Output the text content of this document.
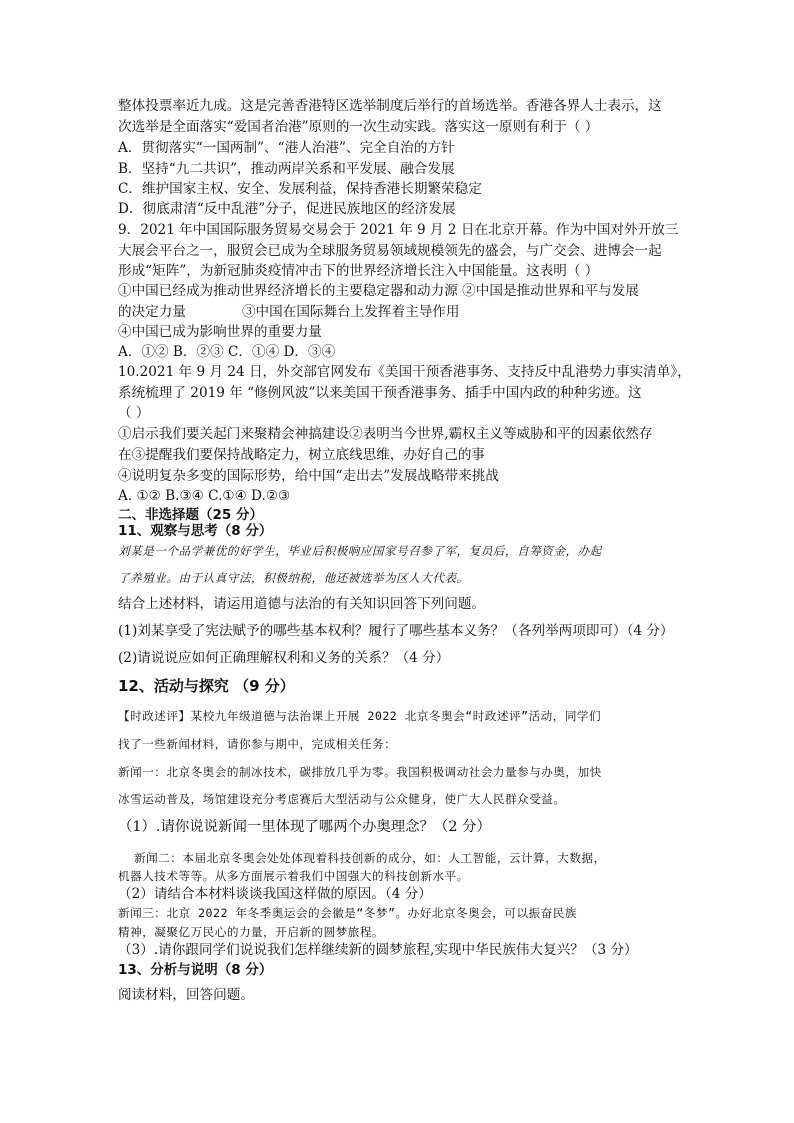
整体投票率近九成。这是完善香港特区选举制度后举行的首场选举。香港各界人士表示，这
次选举是全面落实“爱国者治港”原则的一次生动实践。落实这一原则有利于（ ）
A．贯彻落实“一国两制”、“港人治港”、完全自治的方针
B．坚持“九二共识”，推动两岸关系和平发展、融合发展
C．维护国家主权、安全、发展利益，保持香港长期繁荣稳定
D．彻底肃清“反中乱港”分子，促进民族地区的经济发展
9．2021 年中国国际服务贸易交易会于 2021 年 9 月 2 日在北京开幕。作为中国对外开放三
大展会平台之一，服贸会已成为全球服务贸易领域规模领先的盛会，与广交会、进博会一起
形成“矩阵”，为新冠肺炎疫情冲击下的世界经济增长注入中国能量。这表明（ ）
①中国已经成为推动世界经济增长的主要稳定器和动力源 ②中国是推动世界和平与发展
的决定力量	③中国在国际舞台上发挥着主导作用
④中国已成为影响世界的重要力量
A．①② B．②③ C．①④ D．③④
10.2021 年 9 月 24 日，外交部官网发布《美国干预香港事务、支持反中乱港势力事实清单》，
系统梳理了 2019 年 “修例风波”以来美国干预香港事务、插手中国内政的种种劣迹。这
（ ）
①启示我们要关起门来聚精会神搞建设②表明当今世界,霸权主义等威胁和平的因素依然存
在③提醒我们要保持战略定力，树立底线思维，办好自己的事
④说明复杂多变的国际形势，给中国“走出去”发展战略带来挑战
A. ①② B.③④ C.①④ D.②③
二、非选择题（25 分）
11、观察与思考（8 分）
刘某是一个品学兼优的好学生，毕业后积极响应国家号召参了军，复员后，自筹资金，办起
了养殖业。由于认真守法，积极纳税，他还被选举为区人大代表。
结合上述材料，请运用道德与法治的有关知识回答下列问题。
(1)刘某享受了宪法赋予的哪些基本权利？履行了哪些基本义务？（各列举两项即可）（4 分）
(2)请说说应如何正确理解权利和义务的关系？（4 分）
12、活动与探究 （9 分）
【时政述评】某校九年级道德与法治课上开展 2022 北京冬奥会“时政述评”活动，同学们
找了一些新闻材料，请你参与期中，完成相关任务：
新闻一：北京冬奥会的制冰技术，碳排放几乎为零。我国积极调动社会力量参与办奥，加快
冰雪运动普及，场馆建设充分考虑赛后大型活动与公众健身，使广大人民群众受益。
（1）.请你说说新闻一里体现了哪两个办奥理念？（2 分）
新闻二：本届北京冬奥会处处体现着科技创新的成分，如：人工智能，云计算，大数据，
机器人技术等等。从多方面展示着我们中国强大的科技创新水平。
（2）请结合本材料谈谈我国这样做的原因。（4 分）
新闻三：北京 2022 年冬季奥运会的会徽是“冬梦”。办好北京冬奥会，可以振奋民族
精神，凝聚亿万民心的力量，开启新的圆梦旅程。
（3）.请你跟同学们说说我们怎样继续新的圆梦旅程,实现中华民族伟大复兴？（3 分）
13、分析与说明（8 分）
阅读材料，回答问题。
